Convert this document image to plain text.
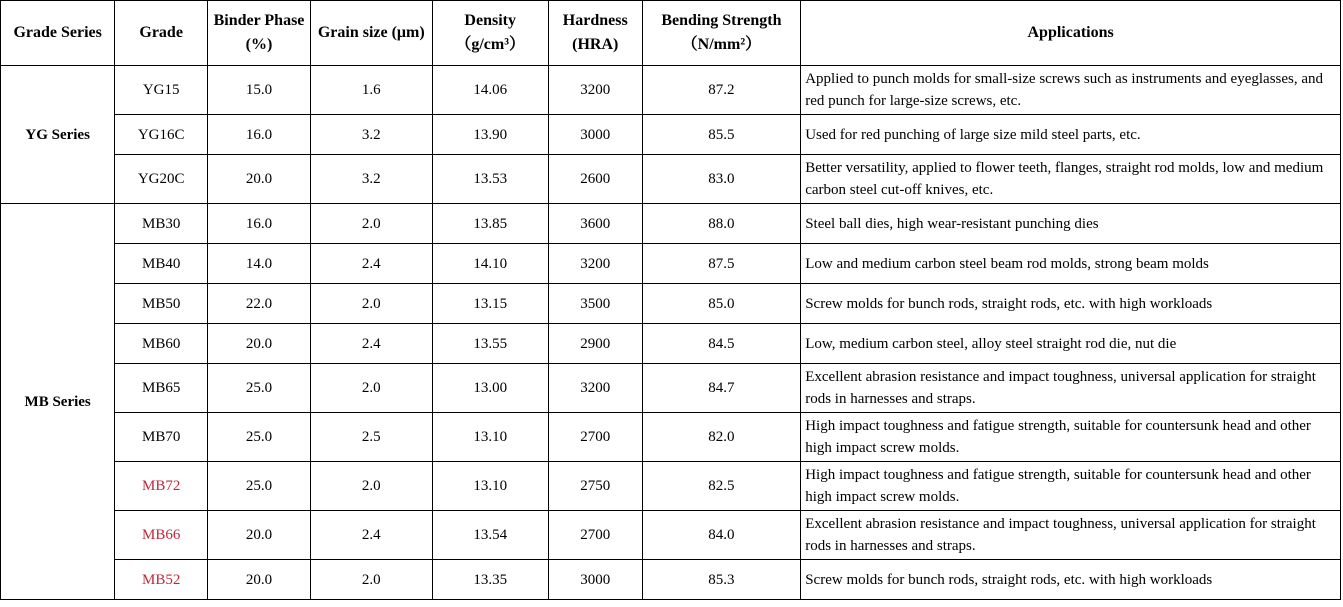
Grade Series	Grade	Binder Phase (%)	Grain size (μm)	Density （g/cm³）	Hardness (HRA)	Bending Strength （N/mm²）	Applications
YG Series	YG15	15.0	1.6	14.06	3200	87.2	Applied to punch molds for small-size screws such as instruments and eyeglasses, and red punch for large-size screws, etc.
	YG16C	16.0	3.2	13.90	3000	85.5	Used for red punching of large size mild steel parts, etc.
	YG20C	20.0	3.2	13.53	2600	83.0	Better versatility, applied to flower teeth, flanges, straight rod molds, low and medium carbon steel cut-off knives, etc.
MB Series	MB30	16.0	2.0	13.85	3600	88.0	Steel ball dies, high wear-resistant punching dies
	MB40	14.0	2.4	14.10	3200	87.5	Low and medium carbon steel beam rod molds, strong beam molds
	MB50	22.0	2.0	13.15	3500	85.0	Screw molds for bunch rods, straight rods, etc. with high workloads
	MB60	20.0	2.4	13.55	2900	84.5	Low, medium carbon steel, alloy steel straight rod die, nut die
	MB65	25.0	2.0	13.00	3200	84.7	Excellent abrasion resistance and impact toughness, universal application for straight rods in harnesses and straps.
	MB70	25.0	2.5	13.10	2700	82.0	High impact toughness and fatigue strength, suitable for countersunk head and other high impact screw molds.
	MB72	25.0	2.0	13.10	2750	82.5	High impact toughness and fatigue strength, suitable for countersunk head and other high impact screw molds.
	MB66	20.0	2.4	13.54	2700	84.0	Excellent abrasion resistance and impact toughness, universal application for straight rods in harnesses and straps.
	MB52	20.0	2.0	13.35	3000	85.3	Screw molds for bunch rods, straight rods, etc. with high workloads
